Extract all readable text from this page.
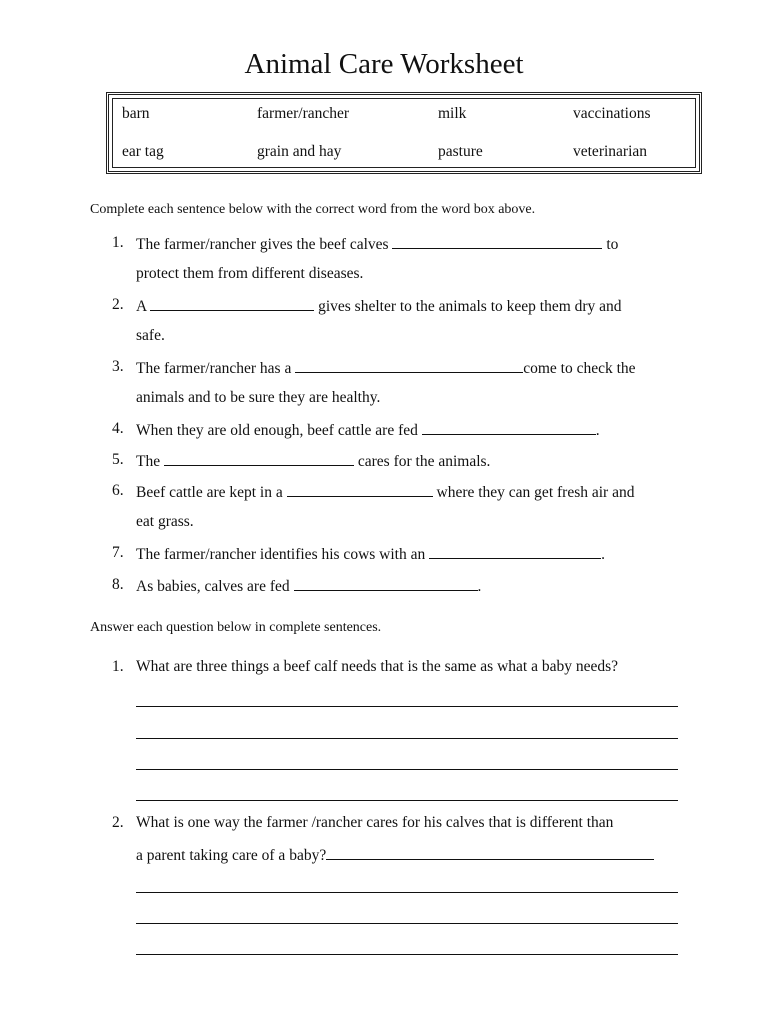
Animal Care Worksheet
barn	farmer/rancher	milk	vaccinations
ear tag	grain and hay	pasture	veterinarian
Complete each sentence below with the correct word from the word box above.
1. The farmer/rancher gives the beef calves	to
protect them from different diseases.
2. A	gives shelter to the animals to keep them dry and
safe.
3. The farmer/rancher has a	come to check the
animals and to be sure they are healthy.
4. When they are old enough, beef cattle are fed	.
5. The	cares for the animals.
6. Beef cattle are kept in a	where they can get fresh air and
eat grass.
7. The farmer/rancher identifies his cows with an	.
8. As babies, calves are fed	.
Answer each question below in complete sentences.
1. What are three things a beef calf needs that is the same as what a baby needs?
2. What is one way the farmer /rancher cares for his calves that is different than
a parent taking care of a baby?
